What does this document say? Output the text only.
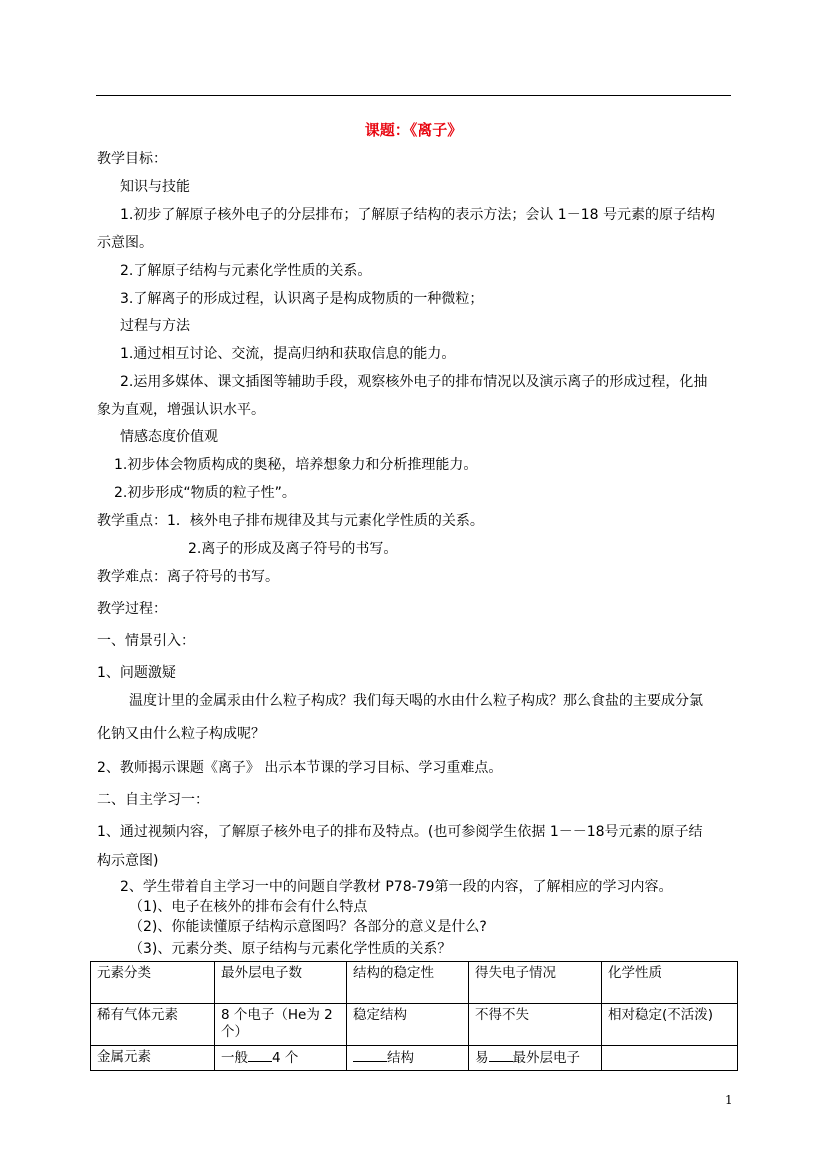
课题：《离子》
教学目标：
知识与技能
1.初步了解原子核外电子的分层排布；了解原子结构的表示方法；会认 1－18 号元素的原子结构
示意图。
2.了解原子结构与元素化学性质的关系。
3.了解离子的形成过程，认识离子是构成物质的一种微粒；
过程与方法
1.通过相互讨论、交流，提高归纳和获取信息的能力。
2.运用多媒体、课文插图等辅助手段，观察核外电子的排布情况以及演示离子的形成过程，化抽
象为直观，增强认识水平。
情感态度价值观
1.初步体会物质构成的奥秘，培养想象力和分析推理能力。
2.初步形成“物质的粒子性”。
教学重点：1．核外电子排布规律及其与元素化学性质的关系。
2.离子的形成及离子符号的书写。
教学难点：离子符号的书写。
教学过程：
一、情景引入：
1、问题激疑
温度计里的金属汞由什么粒子构成？我们每天喝的水由什么粒子构成？那么食盐的主要成分氯
化钠又由什么粒子构成呢？
2、教师揭示课题《离子》 出示本节课的学习目标、学习重难点。
二、自主学习一：
1、通过视频内容，了解原子核外电子的排布及特点。(也可参阅学生依据 1－－18号元素的原子结
构示意图)
2、学生带着自主学习一中的问题自学教材 P78-79第一段的内容，了解相应的学习内容。
（1)、电子在核外的排布会有什么特点
（2)、你能读懂原子结构示意图吗？各部分的意义是什么?
（3)、元素分类、原子结构与元素化学性质的关系？
元素分类	最外层电子数	结构的稳定性	得失电子情况	化学性质
稀有气体元素	8 个电子（He为 2 个）	稳定结构	不得不失	相对稳定(不活泼)
金属元素	一般 4 个	结构	易 最外层电子	
1
